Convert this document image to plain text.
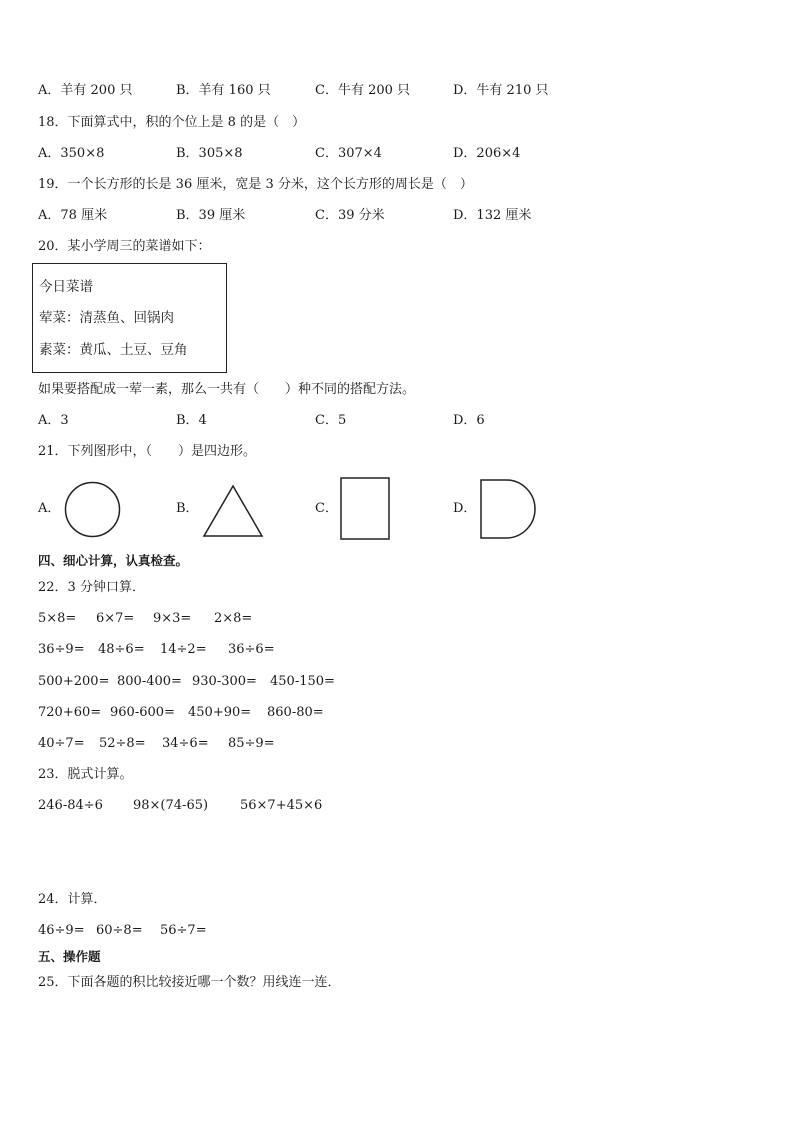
A．羊有 200 只	B．羊有 160 只	C．牛有 200 只	D．牛有 210 只
18．下面算式中，积的个位上是 8 的是（　）
A．350×8	B．305×8	C．307×4	D．206×4
19．一个长方形的长是 36 厘米，宽是 3 分米，这个长方形的周长是（　）
A．78 厘米	B．39 厘米	C．39 分米	D．132 厘米
20．某小学周三的菜谱如下：
今日菜谱
荤菜：清蒸鱼、回锅肉
素菜：黄瓜、土豆、豆角
如果要搭配成一荤一素，那么一共有（　　）种不同的搭配方法。
A．3	B．4	C．5	D．6
21．下列图形中，（　　）是四边形。
A．	B．	C．	D．
四、细心计算，认真检查。
22．3 分钟口算．
5×8= 6×7= 9×3= 2×8=
36÷9= 48÷6= 14÷2= 36÷6=
500+200= 800-400= 930-300= 450-150=
720+60= 960-600= 450+90= 860-80=
40÷7= 52÷8= 34÷6= 85÷9=
23．脱式计算。
246-84÷6 98×(74-65) 56×7+45×6
24．计算．
46÷9= 60÷8= 56÷7=
五、操作题
25．下面各题的积比较接近哪一个数？用线连一连．
